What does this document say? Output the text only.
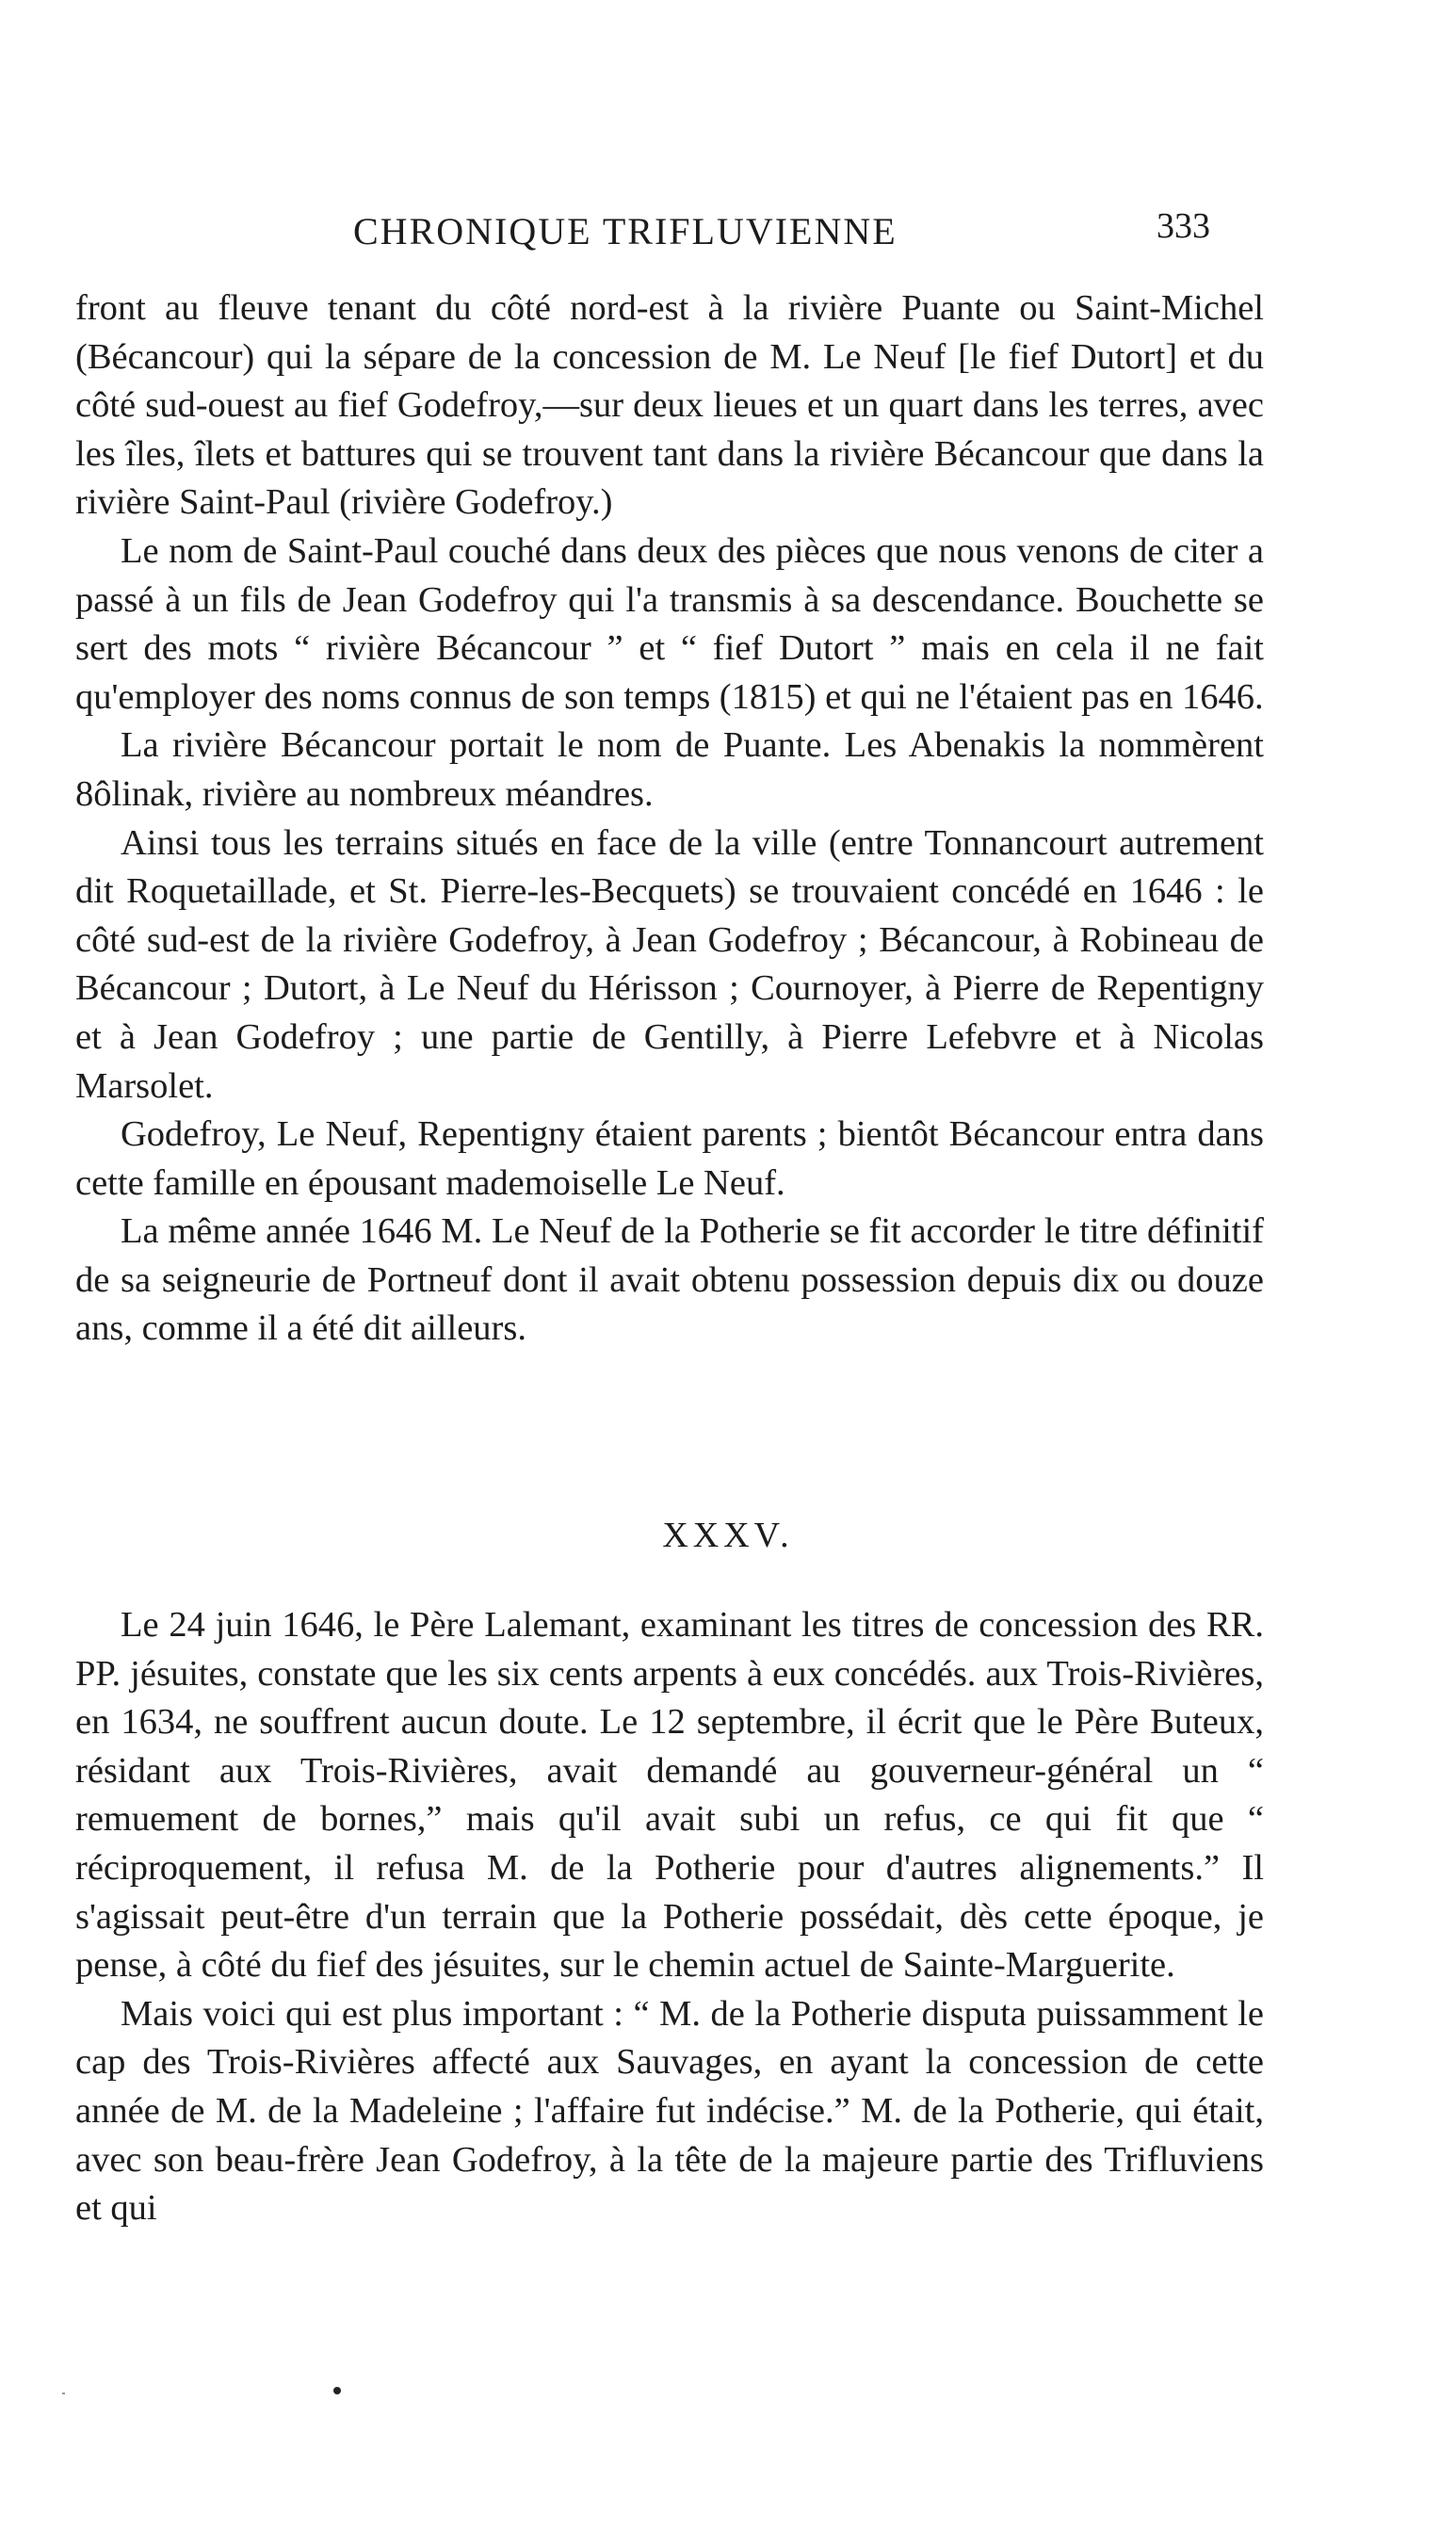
CHRONIQUE TRIFLUVIENNE	333

front au fleuve tenant du côté nord-est à la rivière Puante ou Saint-Michel (Bécancour) qui la sépare de la concession de M. Le Neuf [le fief Dutort] et du côté sud-ouest au fief Godefroy,—sur deux lieues et un quart dans les terres, avec les îles, îlets et battures qui se trouvent tant dans la rivière Bécancour que dans la rivière Saint-Paul (rivière Godefroy.)

Le nom de Saint-Paul couché dans deux des pièces que nous venons de citer a passé à un fils de Jean Godefroy qui l'a transmis à sa descendance. Bouchette se sert des mots “ rivière Bécancour ” et “ fief Dutort ” mais en cela il ne fait qu'employer des noms connus de son temps (1815) et qui ne l'étaient pas en 1646.

La rivière Bécancour portait le nom de Puante. Les Abenakis la nommèrent 8ôlinak, rivière au nombreux méandres.

Ainsi tous les terrains situés en face de la ville (entre Tonnancourt autrement dit Roquetaillade, et St. Pierre-les-Becquets) se trouvaient concédé en 1646 : le côté sud-est de la rivière Godefroy, à Jean Godefroy ; Bécancour, à Robineau de Bécancour ; Dutort, à Le Neuf du Hérisson ; Cournoyer, à Pierre de Repentigny et à Jean Godefroy ; une partie de Gentilly, à Pierre Lefebvre et à Nicolas Marsolet.

Godefroy, Le Neuf, Repentigny étaient parents ; bientôt Bécancour entra dans cette famille en épousant mademoiselle Le Neuf.

La même année 1646 M. Le Neuf de la Potherie se fit accorder le titre définitif de sa seigneurie de Portneuf dont il avait obtenu possession depuis dix ou douze ans, comme il a été dit ailleurs.

XXXV.

Le 24 juin 1646, le Père Lalemant, examinant les titres de concession des RR. PP. jésuites, constate que les six cents arpents à eux concédés. aux Trois-Rivières, en 1634, ne souffrent aucun doute. Le 12 septembre, il écrit que le Père Buteux, résidant aux Trois-Rivières, avait demandé au gouverneur-général un “ remuement de bornes,” mais qu'il avait subi un refus, ce qui fit que “ réciproquement, il refusa M. de la Potherie pour d'autres alignements.” Il s'agissait peut-être d'un terrain que la Potherie possédait, dès cette époque, je pense, à côté du fief des jésuites, sur le chemin actuel de Sainte-Marguerite.

Mais voici qui est plus important : “ M. de la Potherie disputa puissamment le cap des Trois-Rivières affecté aux Sauvages, en ayant la concession de cette année de M. de la Madeleine ; l'affaire fut indécise.” M. de la Potherie, qui était, avec son beau-frère Jean Godefroy, à la tête de la majeure partie des Trifluviens et qui
